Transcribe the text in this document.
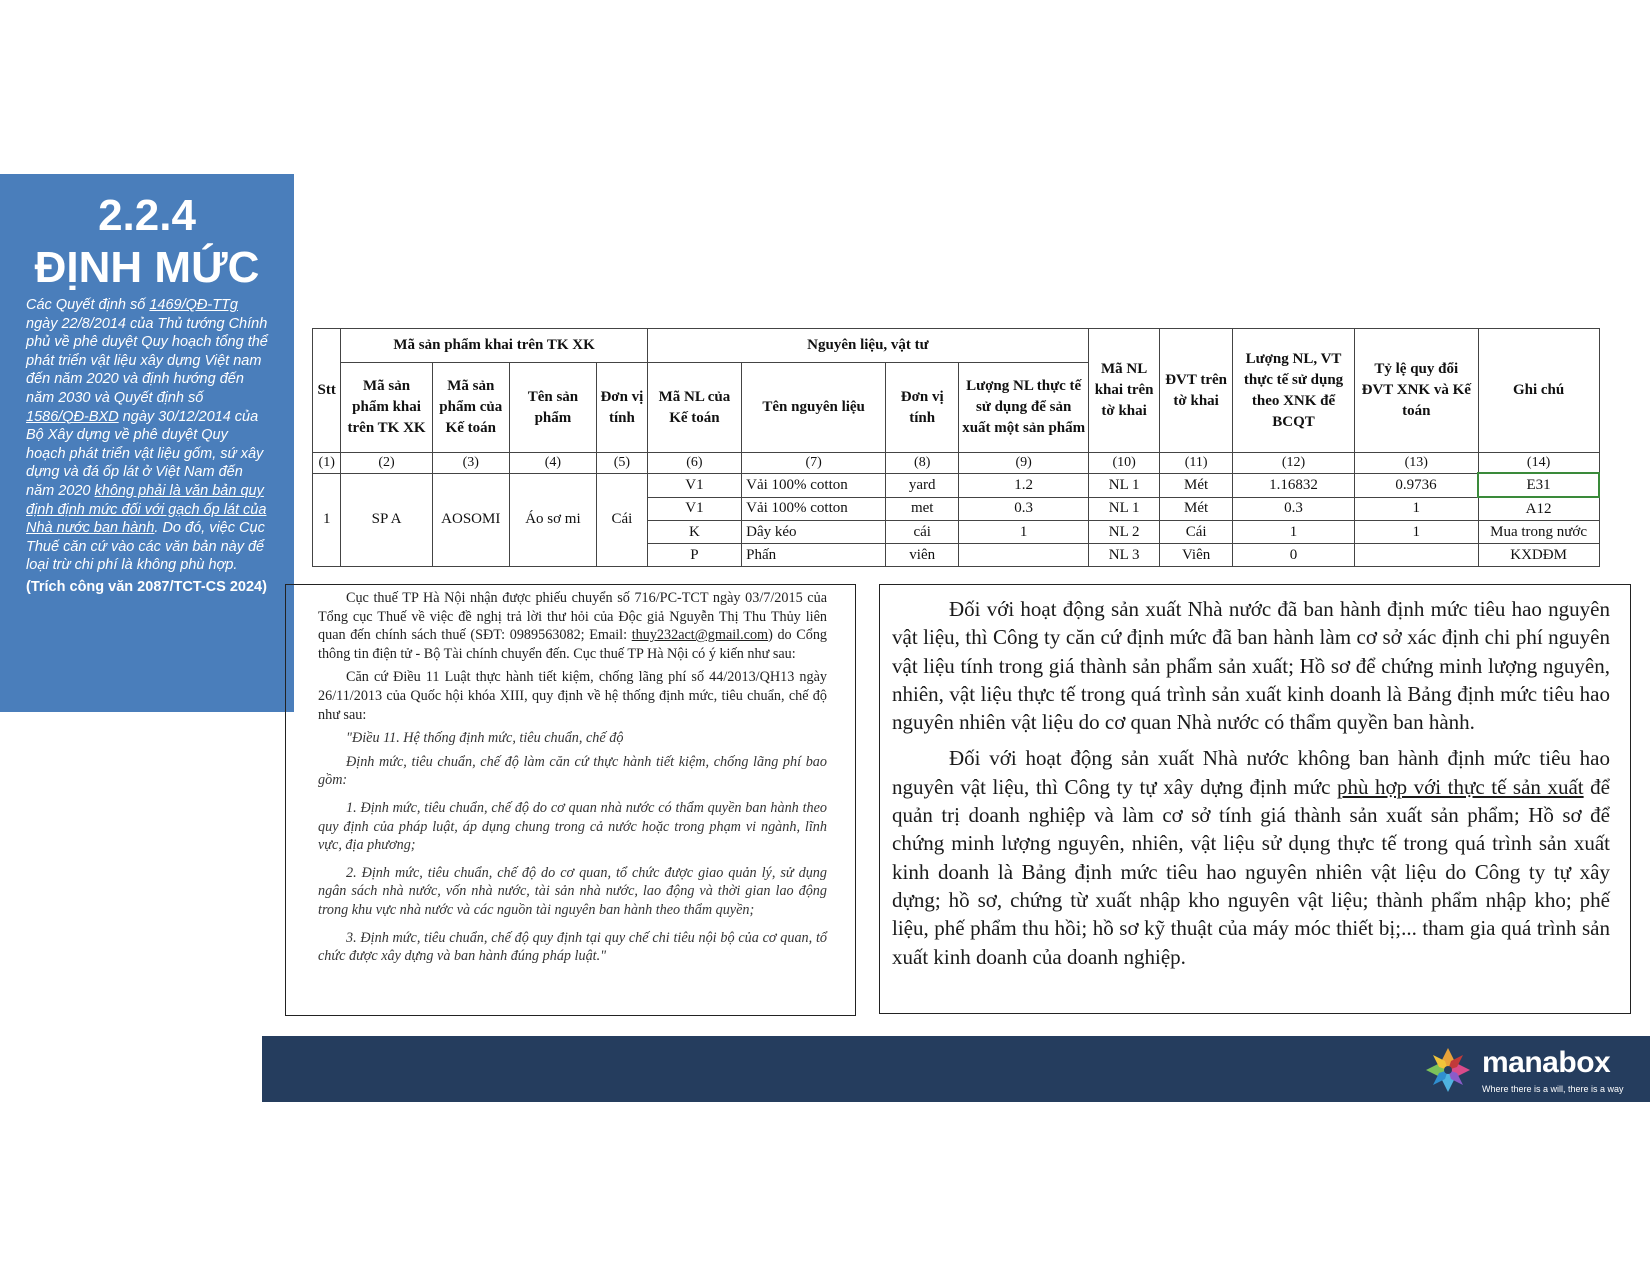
2.2.4
ĐỊNH MỨC
Các Quyết định số 1469/QĐ-TTg ngày 22/8/2014 của Thủ tướng Chính phủ về phê duyệt Quy hoạch tổng thể phát triển vật liệu xây dựng Việt nam đến năm 2020 và định hướng đến năm 2030 và Quyết định số 1586/QĐ-BXD ngày 30/12/2014 của Bộ Xây dựng về phê duyệt Quy hoạch phát triển vật liệu gốm, sứ xây dựng và đá ốp lát ở Việt Nam đến năm 2020 không phải là văn bản quy định định mức đối với gạch ốp lát của Nhà nước ban hành. Do đó, việc Cục Thuế căn cứ vào các văn bản này để loại trừ chi phí là không phù hợp.
(Trích công văn 2087/TCT-CS 2024)
Stt	Mã sản phẩm khai trên TK XK				Nguyên liệu, vật tư				Mã NL khai trên tờ khai	ĐVT trên tờ khai	Lượng NL, VT thực tế sử dụng theo XNK để BCQT	Tỷ lệ quy đổi ĐVT XNK và Kế toán	Ghi chú
	Mã sản phẩm khai trên TK XK	Mã sản phẩm của Kế toán	Tên sản phẩm	Đơn vị tính	Mã NL của Kế toán	Tên nguyên liệu	Đơn vị tính	Lượng NL thực tế sử dụng để sản xuất một sản phẩm					
(1)	(2)	(3)	(4)	(5)	(6)	(7)	(8)	(9)	(10)	(11)	(12)	(13)	(14)
1	SP A	AOSOMI	Áo sơ mi	Cái	V1	Vải 100% cotton	yard	1.2	NL 1	Mét	1.16832	0.9736	E31
					V1	Vải 100% cotton	met	0.3	NL 1	Mét	0.3	1	A12
					K	Dây kéo	cái	1	NL 2	Cái	1	1	Mua trong nước
					P	Phấn	viên		NL 3	Viên	0		KXDĐM

Cục thuế TP Hà Nội nhận được phiếu chuyển số 716/PC-TCT ngày 03/7/2015 của Tổng cục Thuế về việc đề nghị trả lời thư hỏi của Độc giả Nguyễn Thị Thu Thủy liên quan đến chính sách thuế (SĐT: 0989563082; Email: thuy232act@gmail.com) do Cổng thông tin điện tử - Bộ Tài chính chuyển đến. Cục thuế TP Hà Nội có ý kiến như sau:

Căn cứ Điều 11 Luật thực hành tiết kiệm, chống lãng phí số 44/2013/QH13 ngày 26/11/2013 của Quốc hội khóa XIII, quy định về hệ thống định mức, tiêu chuẩn, chế độ như sau:

"Điều 11. Hệ thống định mức, tiêu chuẩn, chế độ

Định mức, tiêu chuẩn, chế độ làm căn cứ thực hành tiết kiệm, chống lãng phí bao gồm:

1. Định mức, tiêu chuẩn, chế độ do cơ quan nhà nước có thẩm quyền ban hành theo quy định của pháp luật, áp dụng chung trong cả nước hoặc trong phạm vi ngành, lĩnh vực, địa phương;

2. Định mức, tiêu chuẩn, chế độ do cơ quan, tổ chức được giao quản lý, sử dụng ngân sách nhà nước, vốn nhà nước, tài sản nhà nước, lao động và thời gian lao động trong khu vực nhà nước và các nguồn tài nguyên ban hành theo thẩm quyền;

3. Định mức, tiêu chuẩn, chế độ quy định tại quy chế chi tiêu nội bộ của cơ quan, tổ chức được xây dựng và ban hành đúng pháp luật."

Đối với hoạt động sản xuất Nhà nước đã ban hành định mức tiêu hao nguyên vật liệu, thì Công ty căn cứ định mức đã ban hành làm cơ sở xác định chi phí nguyên vật liệu tính trong giá thành sản phẩm sản xuất; Hồ sơ để chứng minh lượng nguyên, nhiên, vật liệu thực tế trong quá trình sản xuất kinh doanh là Bảng định mức tiêu hao nguyên nhiên vật liệu do cơ quan Nhà nước có thẩm quyền ban hành.

Đối với hoạt động sản xuất Nhà nước không ban hành định mức tiêu hao nguyên vật liệu, thì Công ty tự xây dựng định mức phù hợp với thực tế sản xuất để quản trị doanh nghiệp và làm cơ sở tính giá thành sản xuất sản phẩm; Hồ sơ để chứng minh lượng nguyên, nhiên, vật liệu sử dụng thực tế trong quá trình sản xuất kinh doanh là Bảng định mức tiêu hao nguyên nhiên vật liệu do Công ty tự xây dựng; hồ sơ, chứng từ xuất nhập kho nguyên vật liệu; thành phẩm nhập kho; phế liệu, phế phẩm thu hồi; hồ sơ kỹ thuật của máy móc thiết bị;... tham gia quá trình sản xuất kinh doanh của doanh nghiệp.

manabox
Where there is a will, there is a way
